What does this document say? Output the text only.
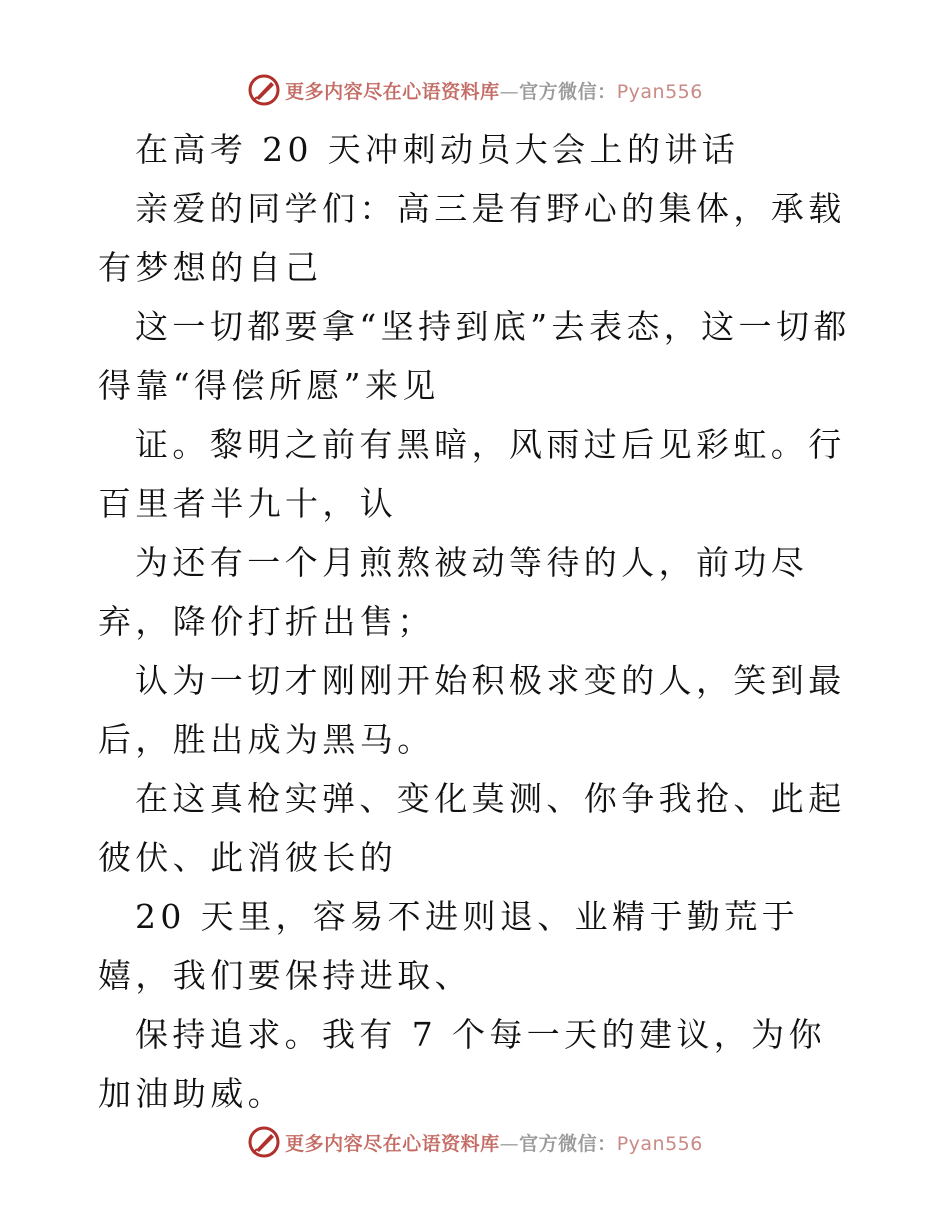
更多内容尽在心语资料库—官方微信：Pyan556

在高考 20 天冲刺动员大会上的讲话

亲爱的同学们：高三是有野心的集体，承载有梦想的自己

这一切都要拿“坚持到底”去表态，这一切都得靠“得偿所愿”来见

证。黎明之前有黑暗，风雨过后见彩虹。行百里者半九十，认

为还有一个月煎熬被动等待的人，前功尽弃，降价打折出售；

认为一切才刚刚开始积极求变的人，笑到最后，胜出成为黑马。

在这真枪实弹、变化莫测、你争我抢、此起彼伏、此消彼长的

20 天里，容易不进则退、业精于勤荒于嬉，我们要保持进取、

保持追求。我有 7 个每一天的建议，为你加油助威。

更多内容尽在心语资料库—官方微信：Pyan556
